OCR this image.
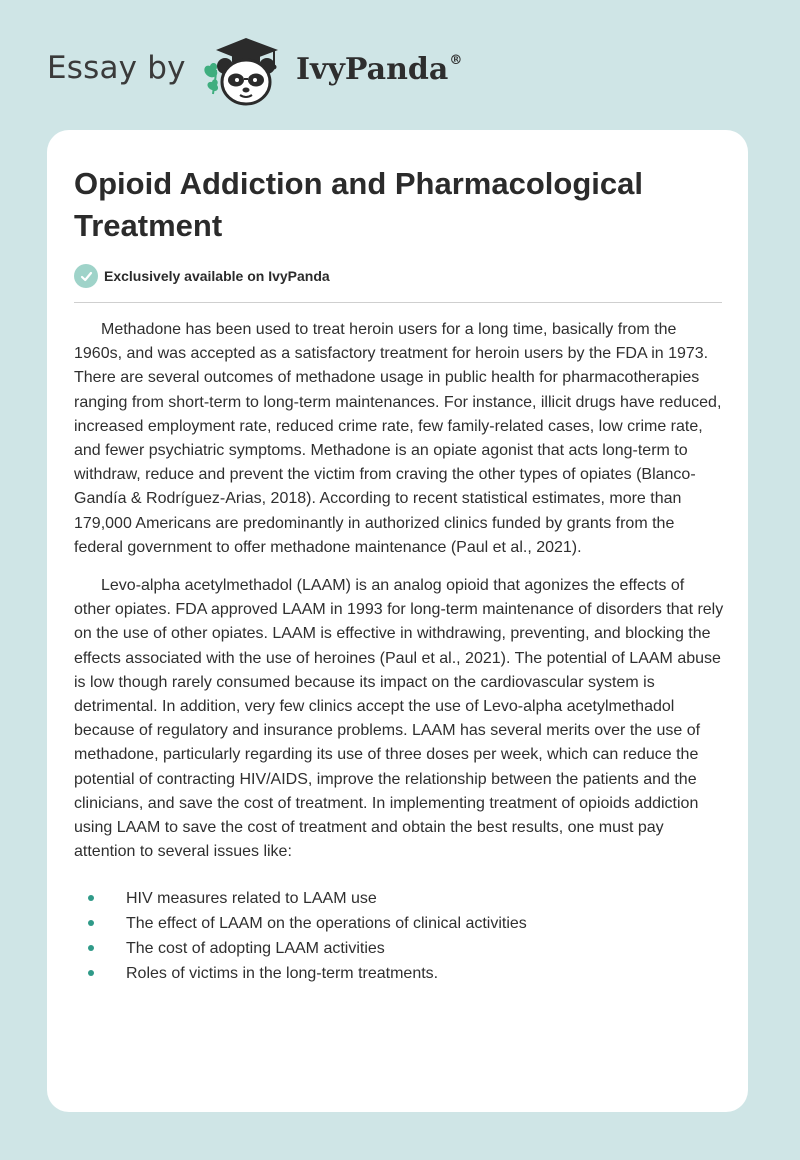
Essay by	IvyPanda®
Opioid Addiction and Pharmacological Treatment
Exclusively available on IvyPanda

Methadone has been used to treat heroin users for a long time, basically from the 1960s, and was accepted as a satisfactory treatment for heroin users by the FDA in 1973. There are several outcomes of methadone usage in public health for pharmacotherapies ranging from short-term to long-term maintenances. For instance, illicit drugs have reduced, increased employment rate, reduced crime rate, few family-related cases, low crime rate, and fewer psychiatric symptoms. Methadone is an opiate agonist that acts long-term to withdraw, reduce and prevent the victim from craving the other types of opiates (Blanco-Gandía & Rodríguez-Arias, 2018). According to recent statistical estimates, more than 179,000 Americans are predominantly in authorized clinics funded by grants from the federal government to offer methadone maintenance (Paul et al., 2021).

Levo-alpha acetylmethadol (LAAM) is an analog opioid that agonizes the effects of other opiates. FDA approved LAAM in 1993 for long-term maintenance of disorders that rely on the use of other opiates. LAAM is effective in withdrawing, preventing, and blocking the effects associated with the use of heroines (Paul et al., 2021). The potential of LAAM abuse is low though rarely consumed because its impact on the cardiovascular system is detrimental. In addition, very few clinics accept the use of Levo-alpha acetylmethadol because of regulatory and insurance problems. LAAM has several merits over the use of methadone, particularly regarding its use of three doses per week, which can reduce the potential of contracting HIV/AIDS, improve the relationship between the patients and the clinicians, and save the cost of treatment. In implementing treatment of opioids addiction using LAAM to save the cost of treatment and obtain the best results, one must pay attention to several issues like:

HIV measures related to LAAM use
The effect of LAAM on the operations of clinical activities
The cost of adopting LAAM activities
Roles of victims in the long-term treatments.
